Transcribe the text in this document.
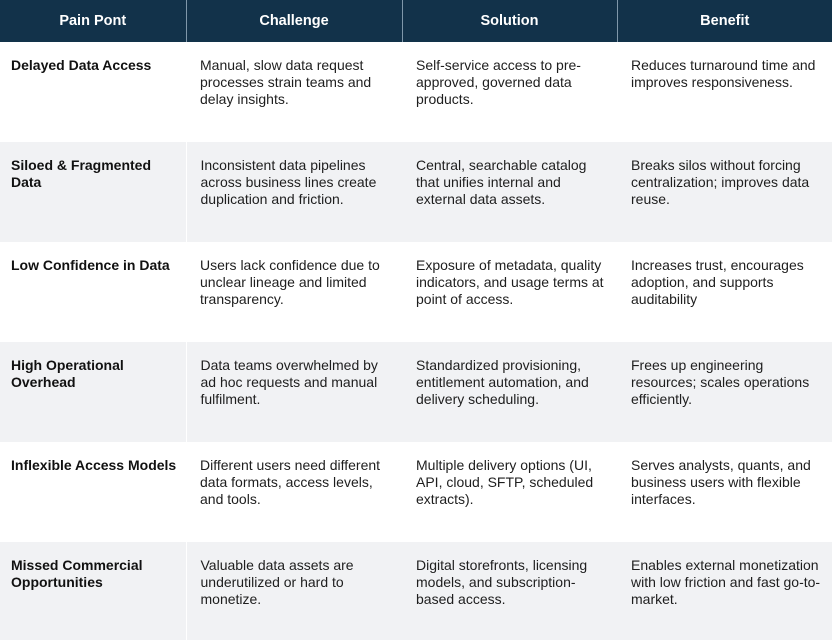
Pain Pont	Challenge	Solution	Benefit
Delayed Data Access	Manual, slow data request processes strain teams and delay insights.	Self-service access to pre-approved, governed data products.	Reduces turnaround time and improves responsiveness.
Siloed & Fragmented Data	Inconsistent data pipelines across business lines create duplication and friction.	Central, searchable catalog that unifies internal and external data assets.	Breaks silos without forcing centralization; improves data reuse.
Low Confidence in Data	Users lack confidence due to unclear lineage and limited transparency.	Exposure of metadata, quality indicators, and usage terms at point of access.	Increases trust, encourages adoption, and supports auditability
High Operational Overhead	Data teams overwhelmed by ad hoc requests and manual fulfilment.	Standardized provisioning, entitlement automation, and delivery scheduling.	Frees up engineering resources; scales operations efficiently.
Inflexible Access Models	Different users need different data formats, access levels, and tools.	Multiple delivery options (UI, API, cloud, SFTP, scheduled extracts).	Serves analysts, quants, and business users with flexible interfaces.
Missed Commercial Opportunities	Valuable data assets are underutilized or hard to monetize.	Digital storefronts, licensing models, and subscription-based access.	Enables external monetization with low friction and fast go-to-market.
